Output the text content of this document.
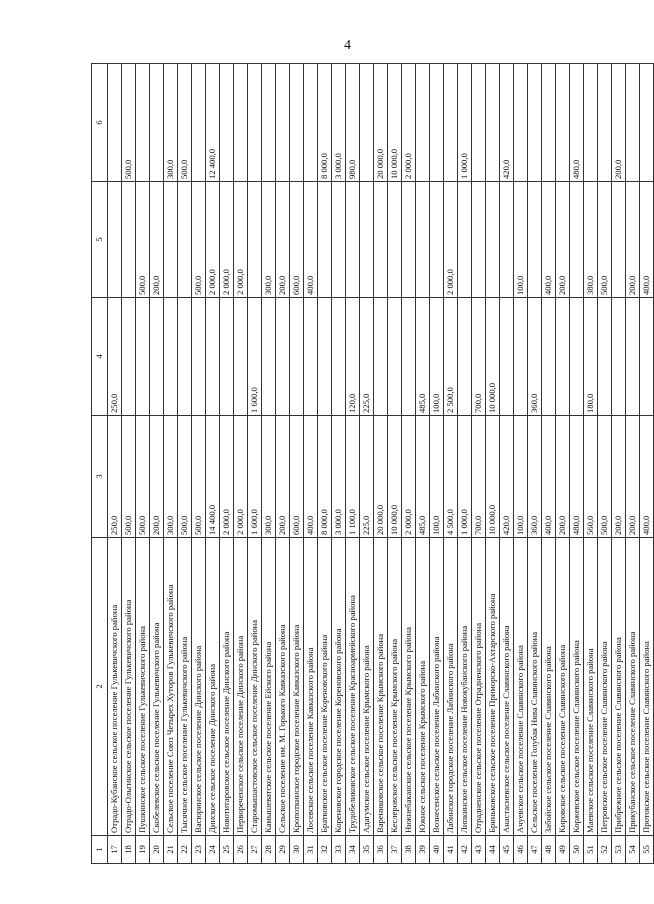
4
1	2	3	4	5	6
17	Отрадо-Кубанское сельское поселение Гулькевичского района	250,0	250,0		
18	Отрадо-Ольгинское сельское поселение Гулькевичского района	500,0			500,0
19	Пушкинское сельское поселение Гулькевичского района	500,0		500,0	
20	Скобелевское сельское поселение Гулькевичского района	200,0		200,0	
21	Сельское поселение Союз Четырех Хуторов Гулькевичского района	300,0			300,0
22	Тысячное сельское поселение Гулькевичского района	500,0			500,0
23	Васюринское сельское поселение Динского района	500,0		500,0	
24	Динское сельское поселение Динского района	14 400,0		2 000,0	12 400,0
25	Новотитаровское сельское поселение Динского района	2 000,0		2 000,0	
26	Первореченское сельское поселение Динского района	2 000,0		2 000,0	
27	Старомышастовское сельское поселение Динского района	1 600,0	1 600,0		
28	Камышеватское сельское поселение Ейского района	300,0		300,0	
29	Сельское поселение им. М. Горького Кавказского района	200,0		200,0	
30	Кропоткинское городское поселение Кавказского района	600,0		600,0	
31	Лосевское сельское поселение Кавказского района	400,0		400,0	
32	Братковское сельское поселение Кореновского района	8 000,0			8 000,0
33	Кореновское городское поселение Кореновского района	3 000,0			3 000,0
34	Трудобеликовское сельское поселение Красноармейского района	1 100,0	120,0		980,0
35	Адагумское сельское поселение Крымского района	225,0	225,0		
36	Варениковское сельское поселение Крымского района	20 000,0			20 000,0
37	Кеслеровское сельское поселение Крымского района	10 000,0			10 000,0
38	Нижнебаканское сельское поселение Крымского района	2 000,0			2 000,0
39	Южное сельское поселение Крымского района	485,0	485,0		
40	Вознесенское сельское поселение Лабинского района	100,0	100,0		
41	Лабинское городское поселение Лабинского района	4 500,0	2 500,0	2 000,0	
42	Липкинское сельское поселение Новокубанского района	1 000,0			1 000,0
43	Отрадненское сельское поселение Отрадненского района	700,0	700,0		
44	Бриньковское сельское поселение Приморско-Ахтарского района	10 000,0	10 000,0		
45	Анастасиевское сельское поселение Славянского района	420,0			420,0
46	Ачуевское сельское поселение Славянского района	100,0		100,0	
47	Сельское поселение Голубая Нива Славянского района	360,0	360,0		
48	Забойское сельское поселение Славянского района	400,0		400,0	
49	Кировское сельское поселение Славянского района	200,0		200,0	
50	Коржевское сельское поселение Славянского района	480,0			480,0
51	Маевское сельское поселение Славянского района	560,0	180,0	380,0	
52	Петровское сельское поселение Славянского района	500,0		500,0	
53	Прибрежное сельское поселение Славянского района	200,0			200,0
54	Прикубанское сельское поселение Славянского района	200,0		200,0	
55	Протокское сельское поселение Славянского района	400,0		400,0	
